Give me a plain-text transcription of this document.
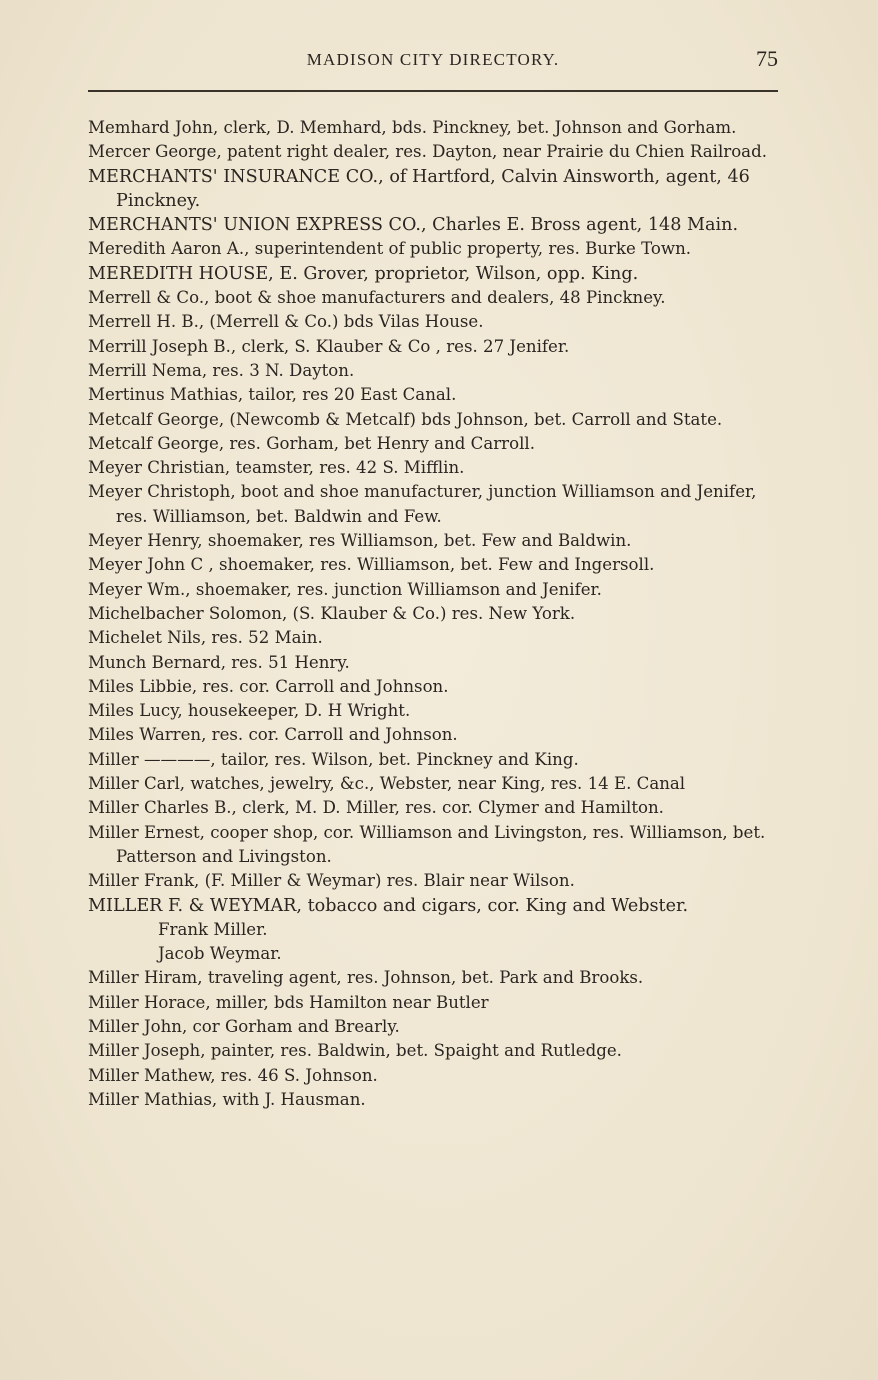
MADISON CITY DIRECTORY.	75

Memhard John, clerk, D. Memhard, bds. Pinckney, bet. Johnson and Gorham.

Mercer George, patent right dealer, res. Dayton, near Prairie du Chien Railroad.

MERCHANTS' INSURANCE CO., of Hartford, Calvin Ainsworth, agent, 46 Pinckney.

MERCHANTS' UNION EXPRESS CO., Charles E. Bross agent, 148 Main.

Meredith Aaron A., superintendent of public property, res. Burke Town.

MEREDITH HOUSE, E. Grover, proprietor, Wilson, opp. King.

Merrell & Co., boot & shoe manufacturers and dealers, 48 Pinckney.

Merrell H. B., (Merrell & Co.) bds Vilas House.

Merrill Joseph B., clerk, S. Klauber & Co , res. 27 Jenifer.

Merrill Nema, res. 3 N. Dayton.

Mertinus Mathias, tailor, res 20 East Canal.

Metcalf George, (Newcomb & Metcalf) bds Johnson, bet. Carroll and State.

Metcalf George, res. Gorham, bet Henry and Carroll.

Meyer Christian, teamster, res. 42 S. Mifflin.

Meyer Christoph, boot and shoe manufacturer, junction Williamson and Jenifer, res. Williamson, bet. Baldwin and Few.

Meyer Henry, shoemaker, res Williamson, bet. Few and Baldwin.

Meyer John C , shoemaker, res. Williamson, bet. Few and Ingersoll.

Meyer Wm., shoemaker, res. junction Williamson and Jenifer.

Michelbacher Solomon, (S. Klauber & Co.) res. New York.

Michelet Nils, res. 52 Main.

Munch Bernard, res. 51 Henry.

Miles Libbie, res. cor. Carroll and Johnson.

Miles Lucy, housekeeper, D. H Wright.

Miles Warren, res. cor. Carroll and Johnson.

Miller ————, tailor, res. Wilson, bet. Pinckney and King.

Miller Carl, watches, jewelry, &c., Webster, near King, res. 14 E. Canal

Miller Charles B., clerk, M. D. Miller, res. cor. Clymer and Hamilton.

Miller Ernest, cooper shop, cor. Williamson and Livingston, res. Williamson, bet. Patterson and Livingston.

Miller Frank, (F. Miller & Weymar) res. Blair near Wilson.

MILLER F. & WEYMAR, tobacco and cigars, cor. King and Webster.

Frank Miller.

Jacob Weymar.

Miller Hiram, traveling agent, res. Johnson, bet. Park and Brooks.

Miller Horace, miller, bds Hamilton near Butler

Miller John, cor Gorham and Brearly.

Miller Joseph, painter, res. Baldwin, bet. Spaight and Rutledge.

Miller Mathew, res. 46 S. Johnson.

Miller Mathias, with J. Hausman.
